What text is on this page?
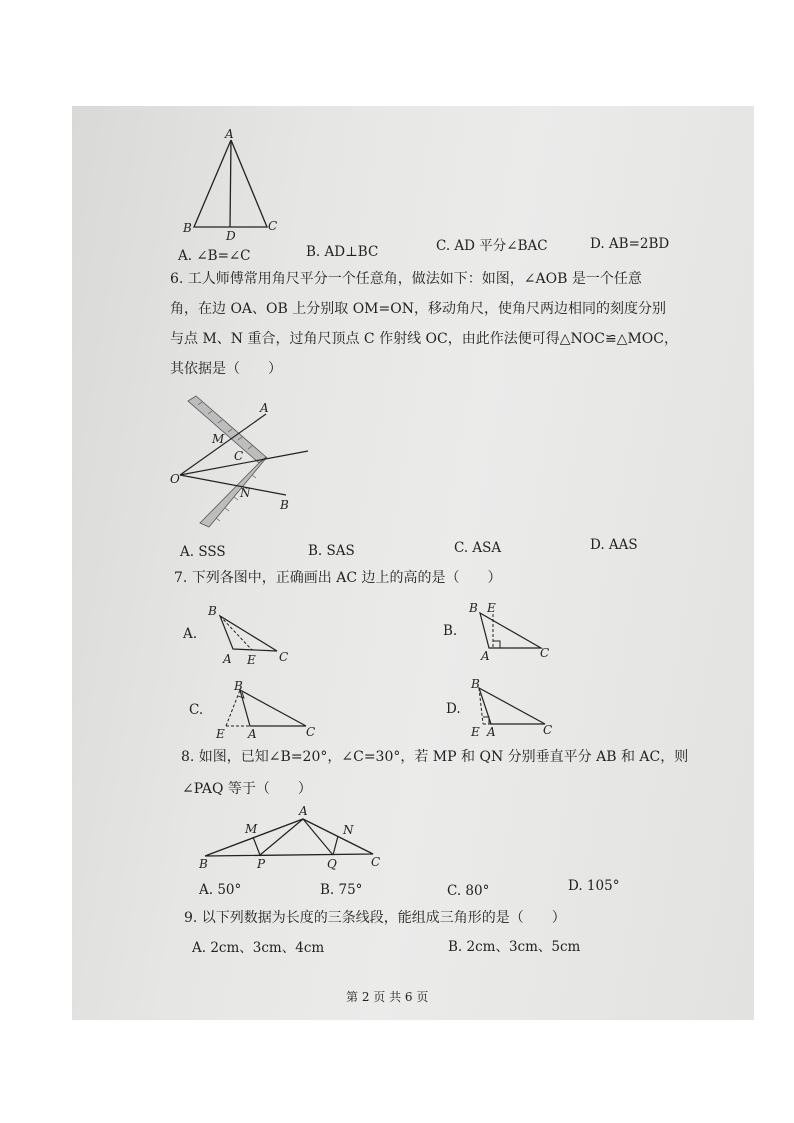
A
B	C
D
A. ∠B=∠C	B. AD⊥BC	C. AD 平分∠BAC	D. AB=2BD
6. 工人师傅常用角尺平分一个任意角，做法如下：如图，∠AOB 是一个任意
角，在边 OA、OB 上分别取 OM=ON，移动角尺，使角尺两边相同的刻度分别
与点 M、N 重合，过角尺顶点 C 作射线 OC，由此作法便可得△NOC≌△MOC，
其依据是（　　）
A
B
C
M
N
O
A. SSS	B. SAS	C. ASA	D. AAS
7. 下列各图中，正确画出 AC 边上的高的是（　　）
A.
B
A E C
B.
B E
A	C
C.
B
E A	C
D.
B
E A	C
8. 如图，已知∠B=20°，∠C=30°，若 MP 和 QN 分别垂直平分 AB 和 AC，则
∠PAQ 等于（　　）
A
B	C
M	N
P	Q
A. 50°	B. 75°	C. 80°	D. 105°
9. 以下列数据为长度的三条线段，能组成三角形的是（　　）
A. 2cm、3cm、4cm	B. 2cm、3cm、5cm
第 2 页 共 6 页
